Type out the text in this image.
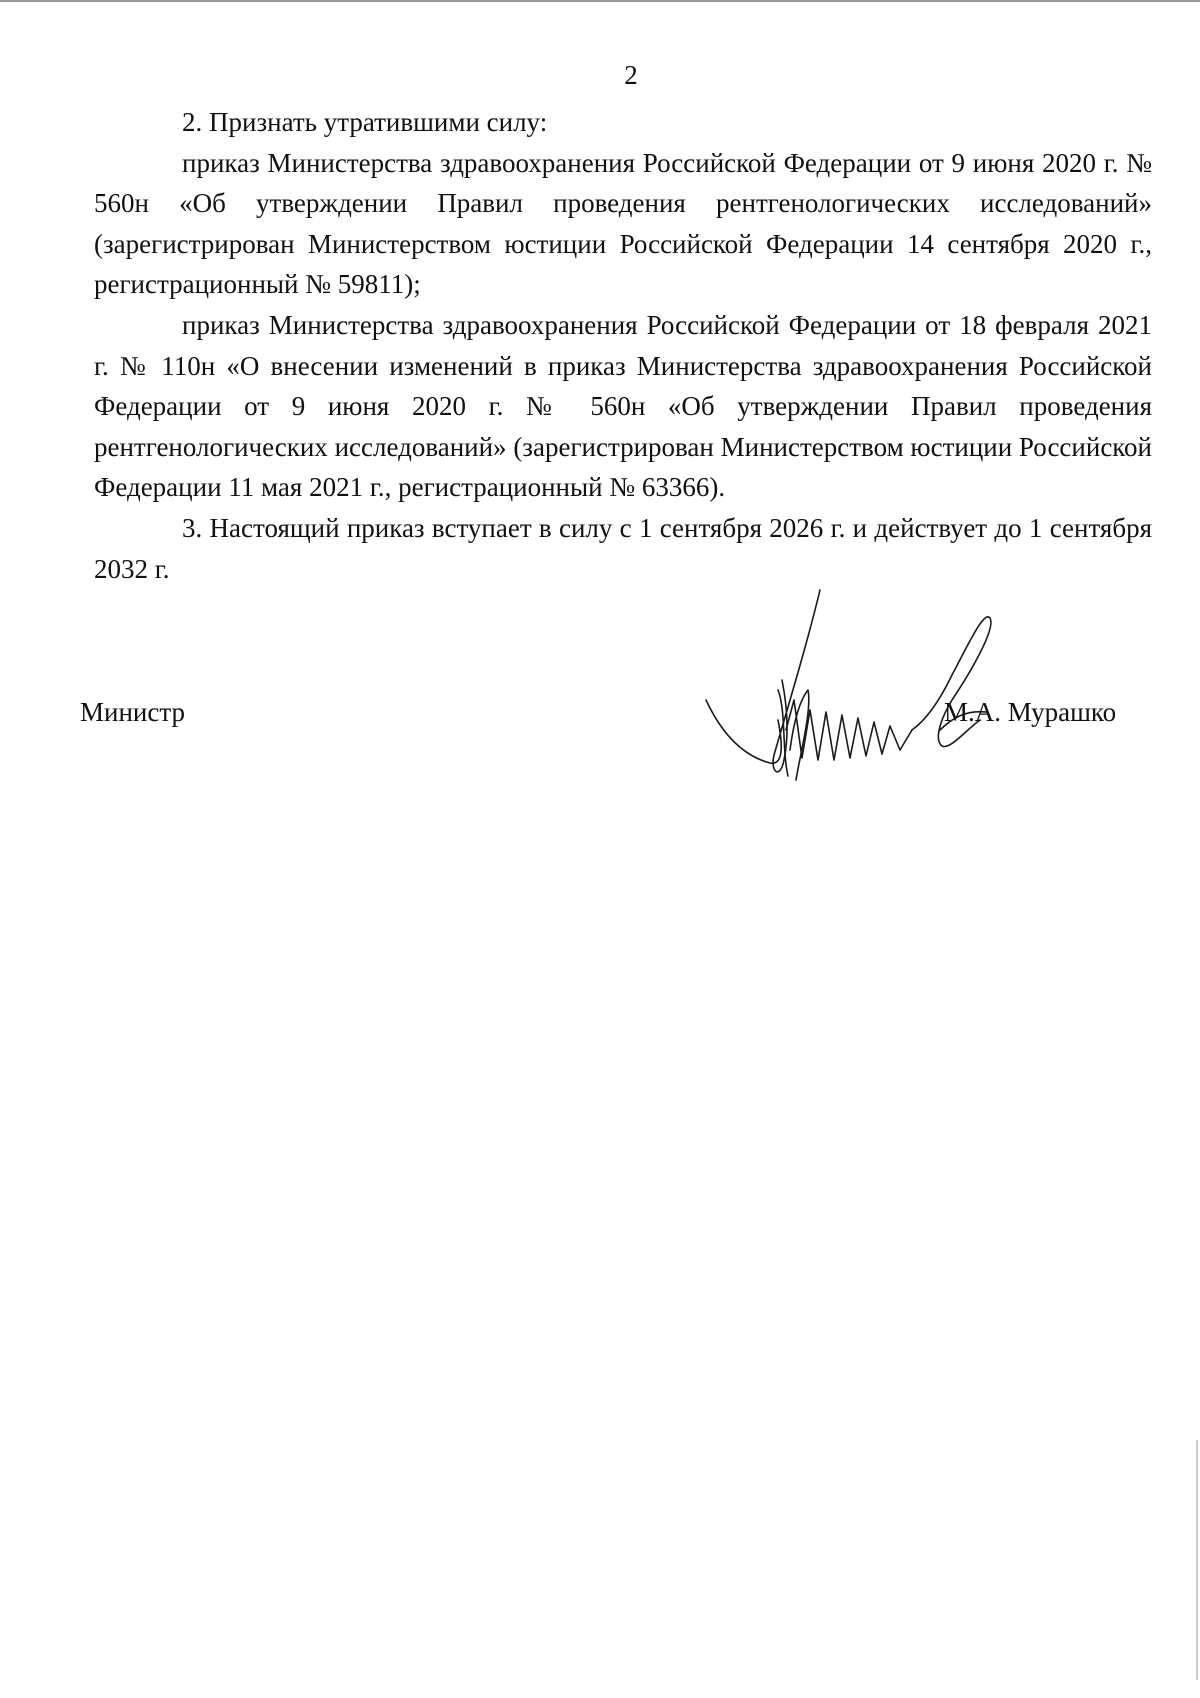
2

2. Признать утратившими силу:

приказ Министерства здравоохранения Российской Федерации от 9 июня 2020 г. № 560н «Об утверждении Правил проведения рентгенологических исследований» (зарегистрирован Министерством юстиции Российской Федерации 14 сентября 2020 г., регистрационный № 59811);

приказ Министерства здравоохранения Российской Федерации от 18 февраля 2021 г. № 110н «О внесении изменений в приказ Министерства здравоохранения Российской Федерации от 9 июня 2020 г. № 560н «Об утверждении Правил проведения рентгенологических исследований» (зарегистрирован Министерством юстиции Российской Федерации 11 мая 2021 г., регистрационный № 63366).

3. Настоящий приказ вступает в силу с 1 сентября 2026 г. и действует до 1 сентября 2032 г.

Министр	М.А. Мурашко
